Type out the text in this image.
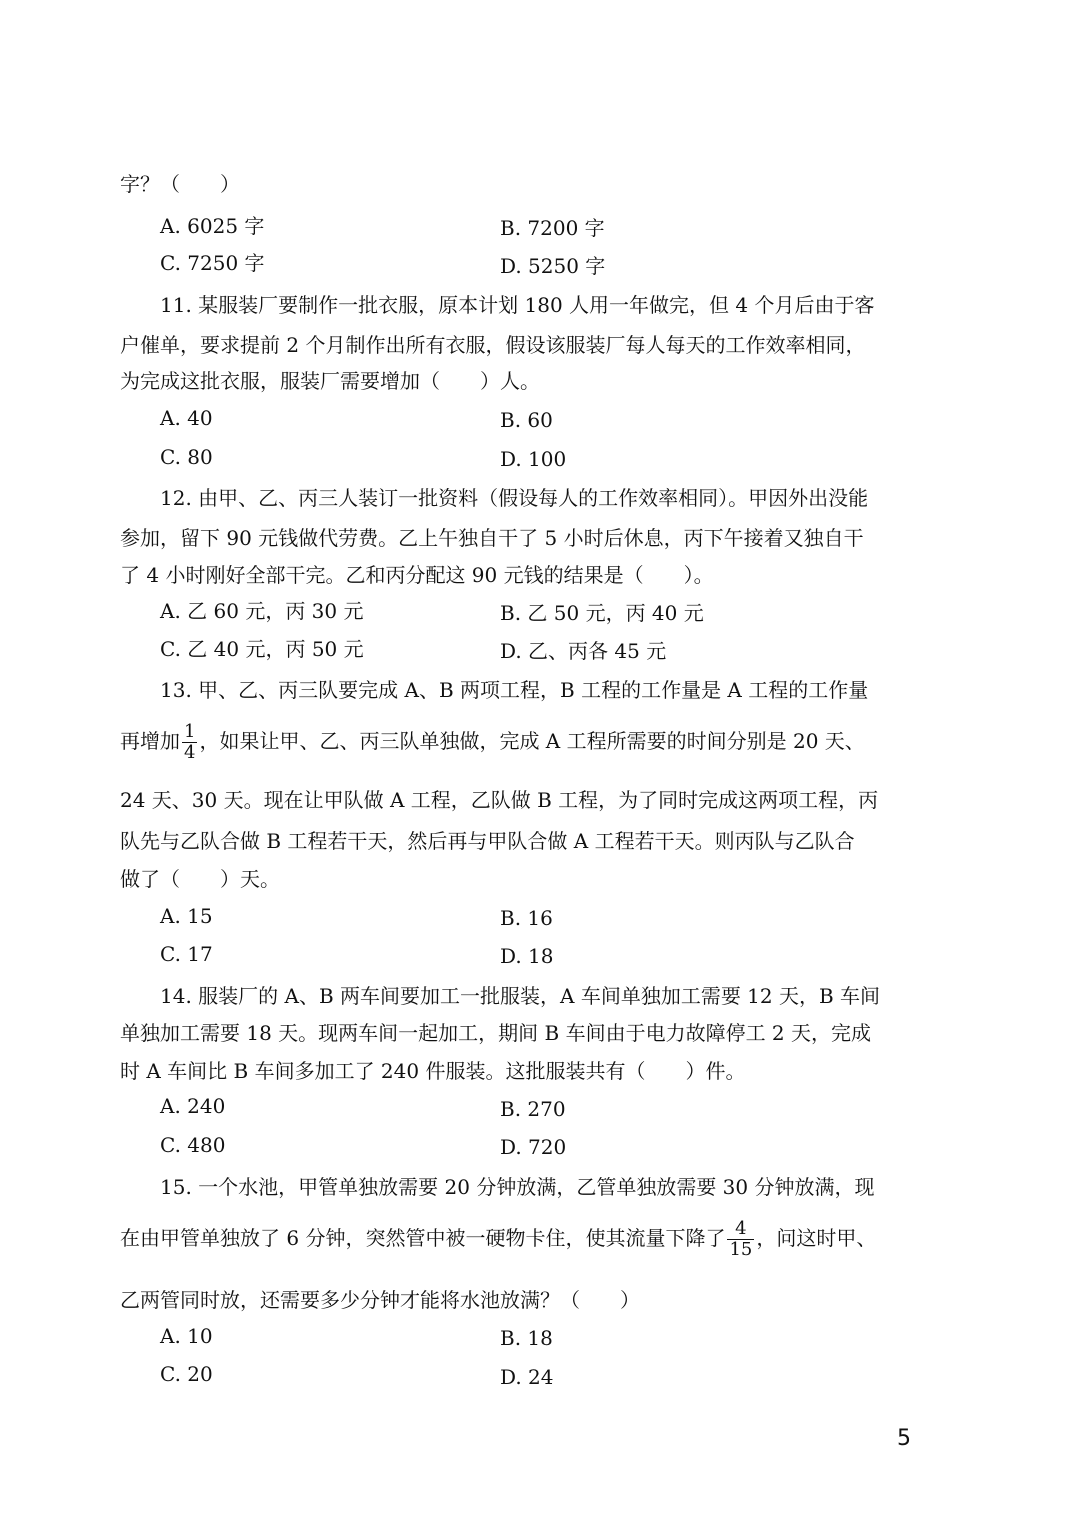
字？（　　）
A. 6025 字	B. 7200 字
C. 7250 字	D. 5250 字
11. 某服装厂要制作一批衣服，原本计划 180 人用一年做完，但 4 个月后由于客
户催单，要求提前 2 个月制作出所有衣服，假设该服装厂每人每天的工作效率相同，
为完成这批衣服，服装厂需要增加（　　）人。
A. 40	B. 60
C. 80	D. 100
12. 由甲、乙、丙三人装订一批资料（假设每人的工作效率相同）。甲因外出没能
参加，留下 90 元钱做代劳费。乙上午独自干了 5 小时后休息，丙下午接着又独自干
了 4 小时刚好全部干完。乙和丙分配这 90 元钱的结果是（　　）。
A. 乙 60 元，丙 30 元	B. 乙 50 元，丙 40 元
C. 乙 40 元，丙 50 元	D. 乙、丙各 45 元
13. 甲、乙、丙三队要完成 A、B 两项工程，B 工程的工作量是 A 工程的工作量
再增加 $\frac{1}{4}$ ，如果让甲、乙、丙三队单独做，完成 A 工程所需要的时间分别是 20 天、
24 天、30 天。现在让甲队做 A 工程，乙队做 B 工程，为了同时完成这两项工程，丙
队先与乙队合做 B 工程若干天，然后再与甲队合做 A 工程若干天。则丙队与乙队合
做了（　　）天。
A. 15	B. 16
C. 17	D. 18
14. 服装厂的 A、B 两车间要加工一批服装，A 车间单独加工需要 12 天，B 车间
单独加工需要 18 天。现两车间一起加工，期间 B 车间由于电力故障停工 2 天，完成
时 A 车间比 B 车间多加工了 240 件服装。这批服装共有（　　）件。
A. 240	B. 270
C. 480	D. 720
15. 一个水池，甲管单独放需要 20 分钟放满，乙管单独放需要 30 分钟放满，现
在由甲管单独放了 6 分钟，突然管中被一硬物卡住，使其流量下降了 $\frac{4}{15}$ ，问这时甲、
乙两管同时放，还需要多少分钟才能将水池放满？（　　）
A. 10	B. 18
C. 20	D. 24
5
